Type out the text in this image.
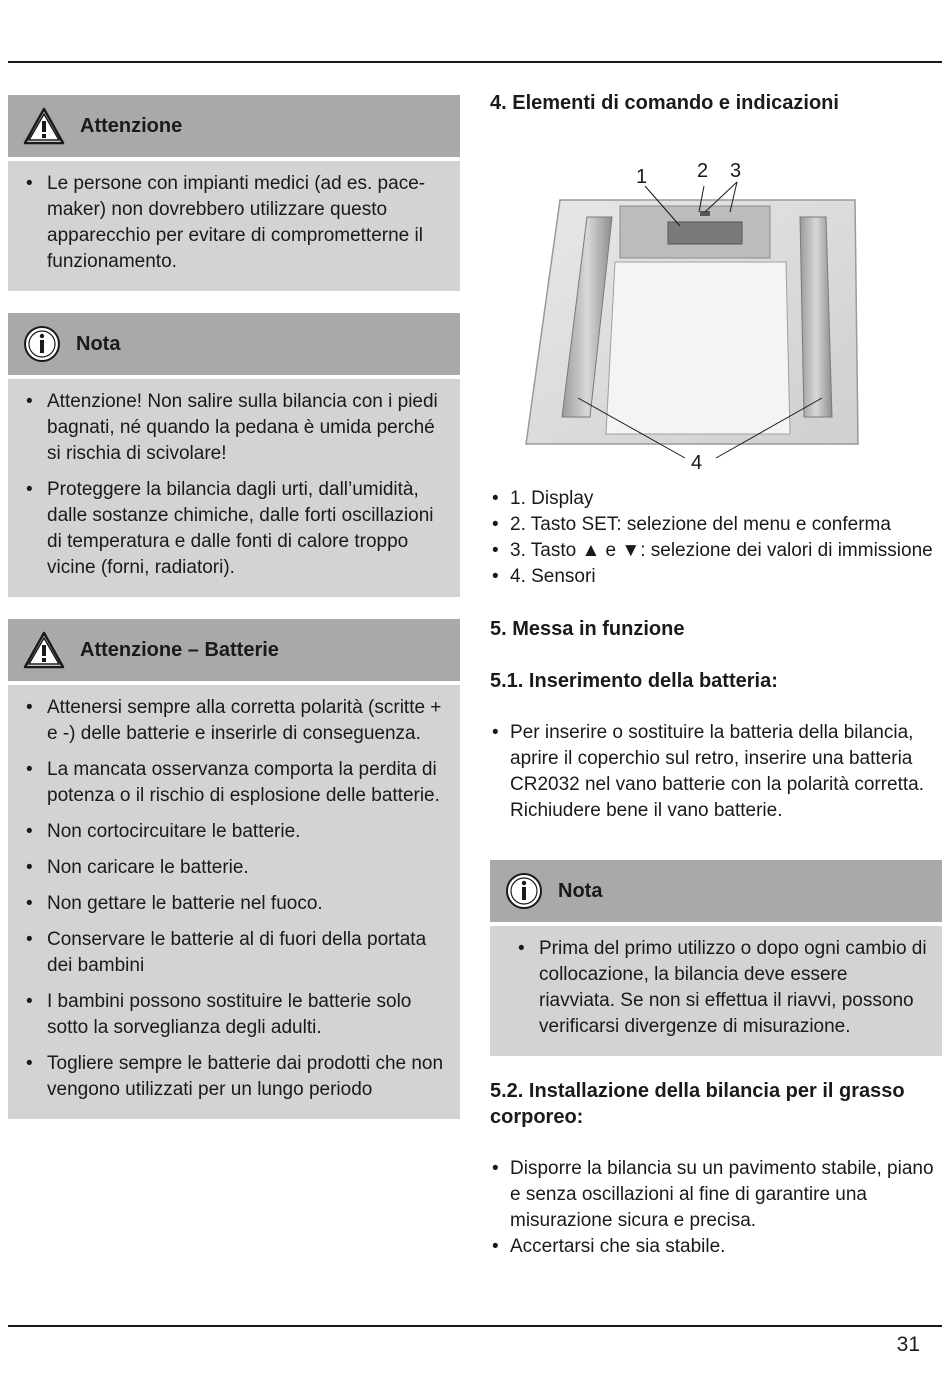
Attenzione
• Le persone con impianti medici (ad es. pace-maker) non dovrebbero utilizzare questo apparecchio per evitare di comprometterne il funzionamento.
Nota
• Attenzione! Non salire sulla bilancia con i piedi bagnati, né quando la pedana è umida perché si rischia di scivolare!
• Proteggere la bilancia dagli urti, dall’umidità, dalle sostanze chimiche, dalle forti oscillazioni di temperatura e dalle fonti di calore troppo vicine (forni, radiatori).
Attenzione – Batterie
• Attenersi sempre alla corretta polarità (scritte + e -) delle batterie e inserirle di conseguenza.
• La mancata osservanza comporta la perdita di potenza o il rischio di esplosione delle batterie.
• Non cortocircuitare le batterie.
• Non caricare le batterie.
• Non gettare le batterie nel fuoco.
• Conservare le batterie al di fuori della portata dei bambini
• I bambini possono sostituire le batterie solo sotto la sorveglianza degli adulti.
• Togliere sempre le batterie dai prodotti che non vengono utilizzati per un lungo periodo
4. Elementi di comando e indicazioni
1 2 3
4
• 1. Display
• 2. Tasto SET: selezione del menu e conferma
• 3. Tasto ▲ e ▼: selezione dei valori di immissione
• 4. Sensori
5. Messa in funzione
5.1. Inserimento della batteria:
• Per inserire o sostituire la batteria della bilancia, aprire il coperchio sul retro, inserire una batteria CR2032 nel vano batterie con la polarità corretta. Richiudere bene il vano batterie.
Nota
• Prima del primo utilizzo o dopo ogni cambio di collocazione, la bilancia deve essere riavviata. Se non si effettua il riavvi, possono verificarsi divergenze di misurazione.
5.2. Installazione della bilancia per il grasso corporeo:
• Disporre la bilancia su un pavimento stabile, piano e senza oscillazioni al fine di garantire una misurazione sicura e precisa.
• Accertarsi che sia stabile.
31
